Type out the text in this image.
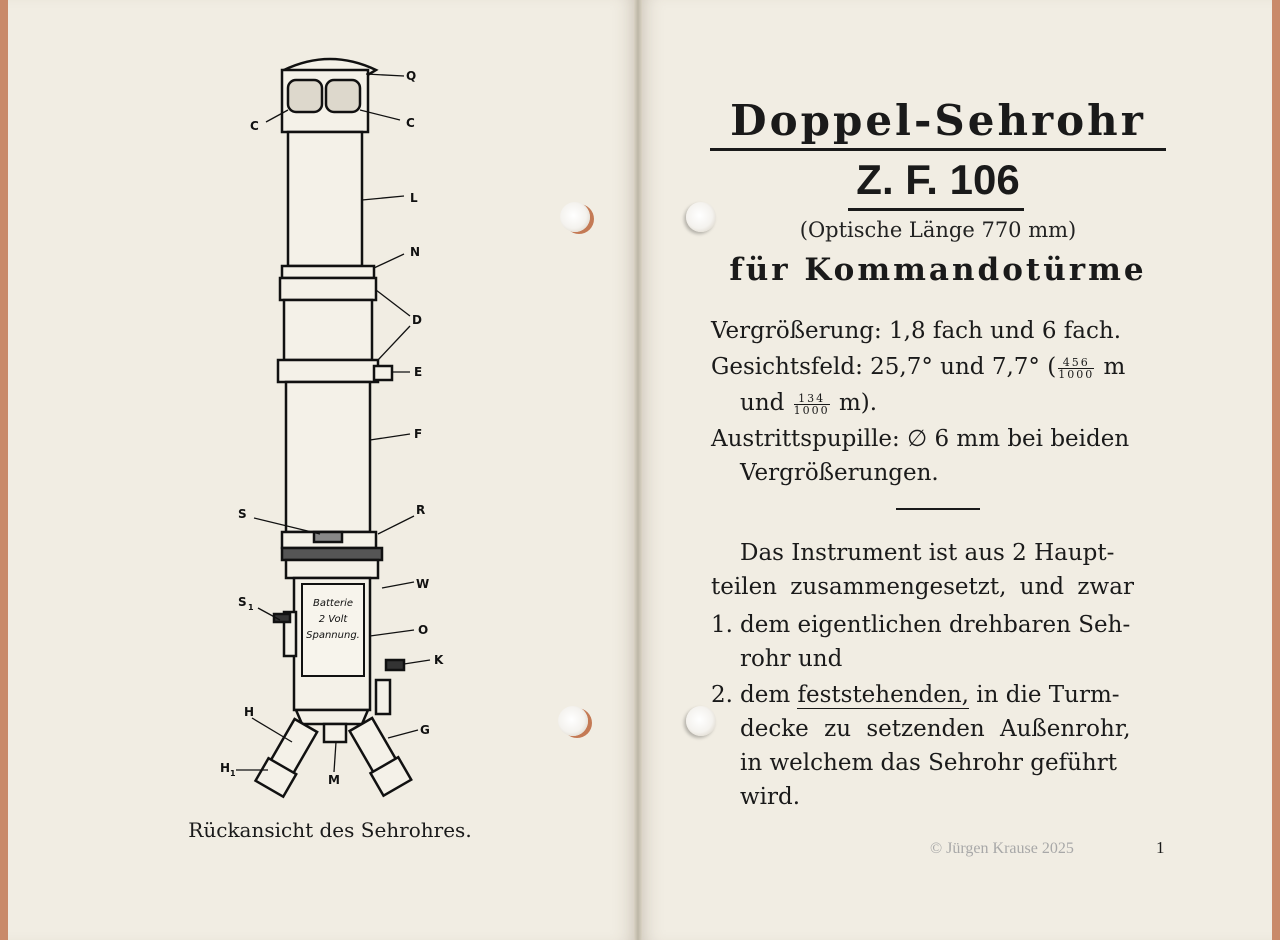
Q
C	C
L
N
D
E
F
S	R
W
S 1
O
K
H
H 1	M
G
Batterie
2 Volt
Spannung.
Rückansicht des Sehrohres.
Doppel-Sehrohr
Z. F. 106
(Optische Länge 770 mm)
für Kommandotürme
Vergrößerung: 1,8 fach und 6 fach.
Gesichtsfeld: 25,7° und 7,7° ( $\frac{456}{1000}$ m
und $\frac{134}{1000} m$).
Austrittspupille: ∅ 6 mm bei beiden
Vergrößerungen.
Das Instrument ist aus 2 Haupt-
teilen zusammengesetzt, und zwar
1. dem eigentlichen drehbaren Seh-
rohr und
2. dem feststehenden, in die Turm-
decke zu setzenden Außenrohr,
in welchem das Sehrohr geführt
wird.
© Jürgen Krause 2025	1
